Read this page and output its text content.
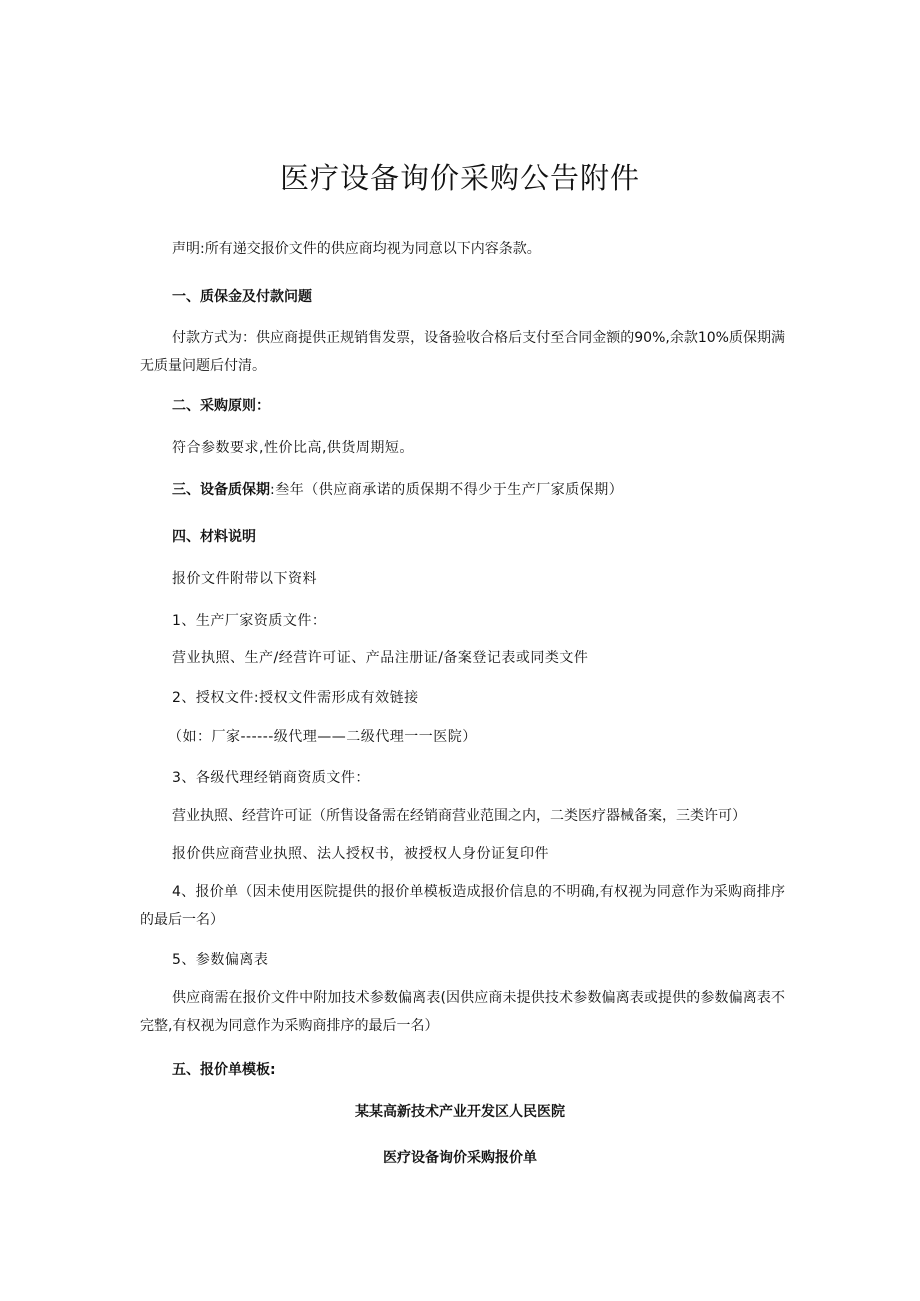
医疗设备询价采购公告附件

声明:所有递交报价文件的供应商均视为同意以下内容条款。

一、质保金及付款问题

付款方式为：供应商提供正规销售发票，设备验收合格后支付至合同金额的90%,余款10%质保期满无质量问题后付清。

二、采购原则：

符合参数要求,性价比高,供货周期短。

三、设备质保期:叁年（供应商承诺的质保期不得少于生产厂家质保期）

四、材料说明

报价文件附带以下资料

1、生产厂家资质文件：

营业执照、生产/经营许可证、产品注册证/备案登记表或同类文件

2、授权文件:授权文件需形成有效链接

（如：厂家------级代理——二级代理一一医院）

3、各级代理经销商资质文件：

营业执照、经营许可证（所售设备需在经销商营业范围之内，二类医疗器械备案，三类许可）

报价供应商营业执照、法人授权书，被授权人身份证复印件

4、报价单（因未使用医院提供的报价单模板造成报价信息的不明确,有权视为同意作为采购商排序的最后一名）

5、参数偏离表

供应商需在报价文件中附加技术参数偏离表(因供应商未提供技术参数偏离表或提供的参数偏离表不完整,有权视为同意作为采购商排序的最后一名）

五、报价单模板:

某某高新技术产业开发区人民医院

医疗设备询价采购报价单
